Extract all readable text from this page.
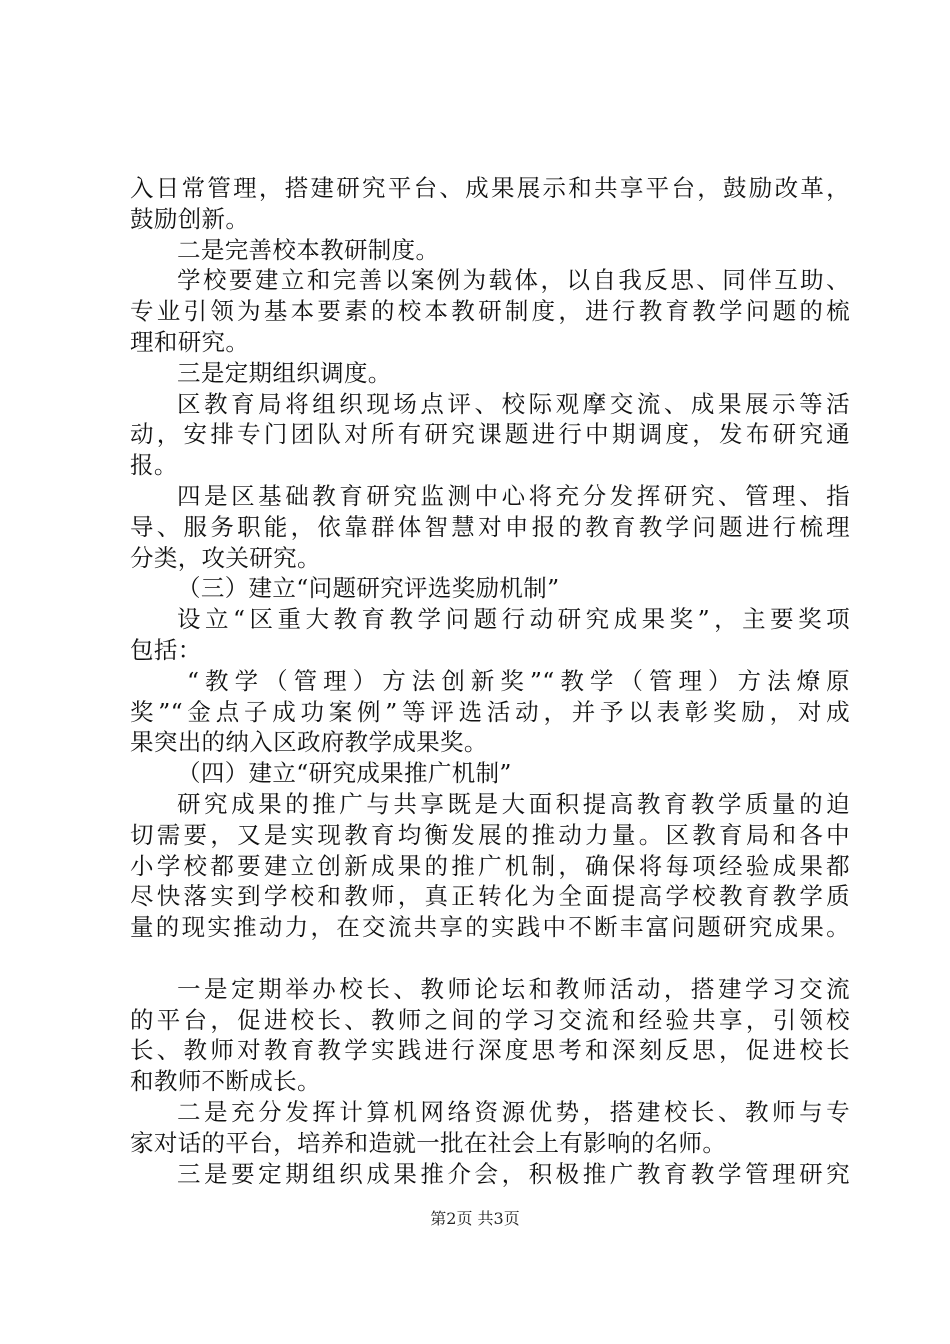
入日常管理，搭建研究平台、成果展示和共享平台，鼓励改革，
鼓励创新。
二是完善校本教研制度。
学校要建立和完善以案例为载体，以自我反思、同伴互助、
专业引领为基本要素的校本教研制度，进行教育教学问题的梳
理和研究。
三是定期组织调度。
区教育局将组织现场点评、校际观摩交流、成果展示等活
动，安排专门团队对所有研究课题进行中期调度，发布研究通
报。
四是区基础教育研究监测中心将充分发挥研究、管理、指
导、服务职能，依靠群体智慧对申报的教育教学问题进行梳理
分类，攻关研究。
（三）建立“问题研究评选奖励机制”
设立“区重大教育教学问题行动研究成果奖”，主要奖项
包括：
“教学（管理）方法创新奖”“教学（管理）方法燎原
奖”“金点子成功案例”等评选活动，并予以表彰奖励，对成
果突出的纳入区政府教学成果奖。
（四）建立“研究成果推广机制”
研究成果的推广与共享既是大面积提高教育教学质量的迫
切需要，又是实现教育均衡发展的推动力量。区教育局和各中
小学校都要建立创新成果的推广机制，确保将每项经验成果都
尽快落实到学校和教师，真正转化为全面提高学校教育教学质
量的现实推动力，在交流共享的实践中不断丰富问题研究成果。
一是定期举办校长、教师论坛和教师活动，搭建学习交流
的平台，促进校长、教师之间的学习交流和经验共享，引领校
长、教师对教育教学实践进行深度思考和深刻反思，促进校长
和教师不断成长。
二是充分发挥计算机网络资源优势，搭建校长、教师与专
家对话的平台，培养和造就一批在社会上有影响的名师。
三是要定期组织成果推介会，积极推广教育教学管理研究
第2页 共3页
